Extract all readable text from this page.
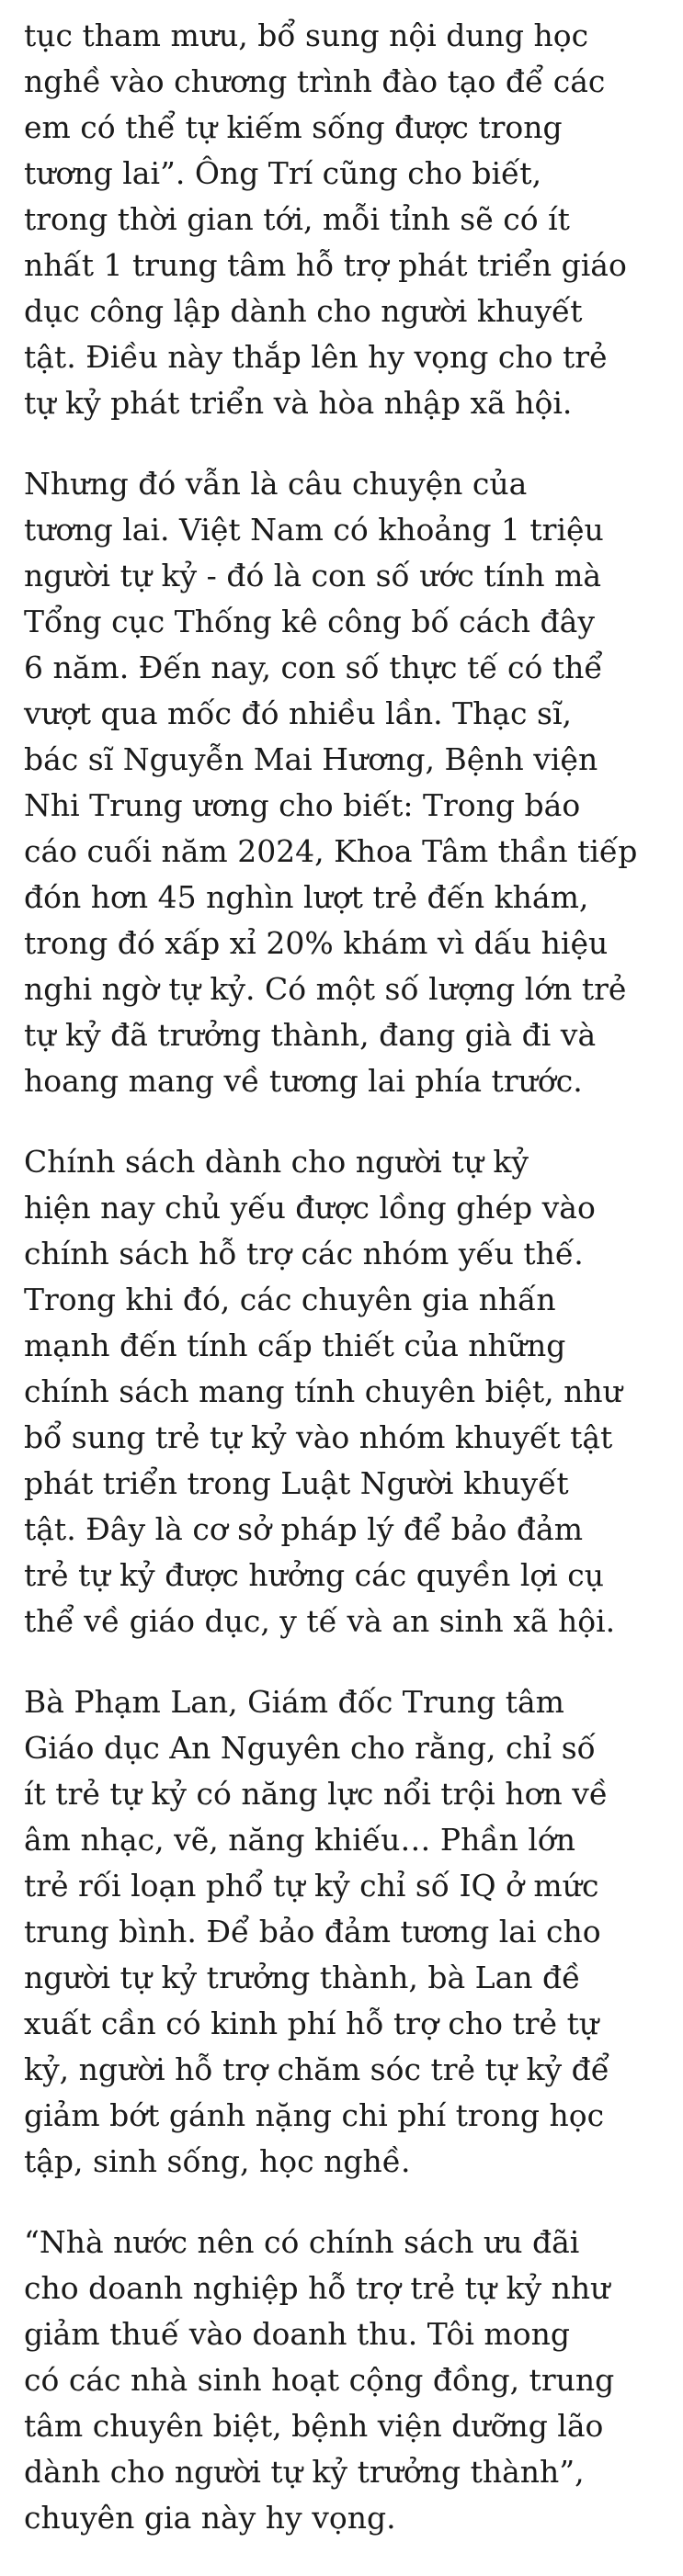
tục tham mưu, bổ sung nội dung học
nghề vào chương trình đào tạo để các
em có thể tự kiếm sống được trong
tương lai”. Ông Trí cũng cho biết,
trong thời gian tới, mỗi tỉnh sẽ có ít
nhất 1 trung tâm hỗ trợ phát triển giáo
dục công lập dành cho người khuyết
tật. Điều này thắp lên hy vọng cho trẻ
tự kỷ phát triển và hòa nhập xã hội.
Nhưng đó vẫn là câu chuyện của
tương lai. Việt Nam có khoảng 1 triệu
người tự kỷ - đó là con số ước tính mà
Tổng cục Thống kê công bố cách đây
6 năm. Đến nay, con số thực tế có thể
vượt qua mốc đó nhiều lần. Thạc sĩ,
bác sĩ Nguyễn Mai Hương, Bệnh viện
Nhi Trung ương cho biết: Trong báo
cáo cuối năm 2024, Khoa Tâm thần tiếp
đón hơn 45 nghìn lượt trẻ đến khám,
trong đó xấp xỉ 20% khám vì dấu hiệu
nghi ngờ tự kỷ. Có một số lượng lớn trẻ
tự kỷ đã trưởng thành, đang già đi và
hoang mang về tương lai phía trước.
Chính sách dành cho người tự kỷ
hiện nay chủ yếu được lồng ghép vào
chính sách hỗ trợ các nhóm yếu thế.
Trong khi đó, các chuyên gia nhấn
mạnh đến tính cấp thiết của những
chính sách mang tính chuyên biệt, như
bổ sung trẻ tự kỷ vào nhóm khuyết tật
phát triển trong Luật Người khuyết
tật. Đây là cơ sở pháp lý để bảo đảm
trẻ tự kỷ được hưởng các quyền lợi cụ
thể về giáo dục, y tế và an sinh xã hội.
Bà Phạm Lan, Giám đốc Trung tâm
Giáo dục An Nguyên cho rằng, chỉ số
ít trẻ tự kỷ có năng lực nổi trội hơn về
âm nhạc, vẽ, năng khiếu… Phần lớn
trẻ rối loạn phổ tự kỷ chỉ số IQ ở mức
trung bình. Để bảo đảm tương lai cho
người tự kỷ trưởng thành, bà Lan đề
xuất cần có kinh phí hỗ trợ cho trẻ tự
kỷ, người hỗ trợ chăm sóc trẻ tự kỷ để
giảm bớt gánh nặng chi phí trong học
tập, sinh sống, học nghề.
“Nhà nước nên có chính sách ưu đãi
cho doanh nghiệp hỗ trợ trẻ tự kỷ như
giảm thuế vào doanh thu. Tôi mong
có các nhà sinh hoạt cộng đồng, trung
tâm chuyên biệt, bệnh viện dưỡng lão
dành cho người tự kỷ trưởng thành”,
chuyên gia này hy vọng.
